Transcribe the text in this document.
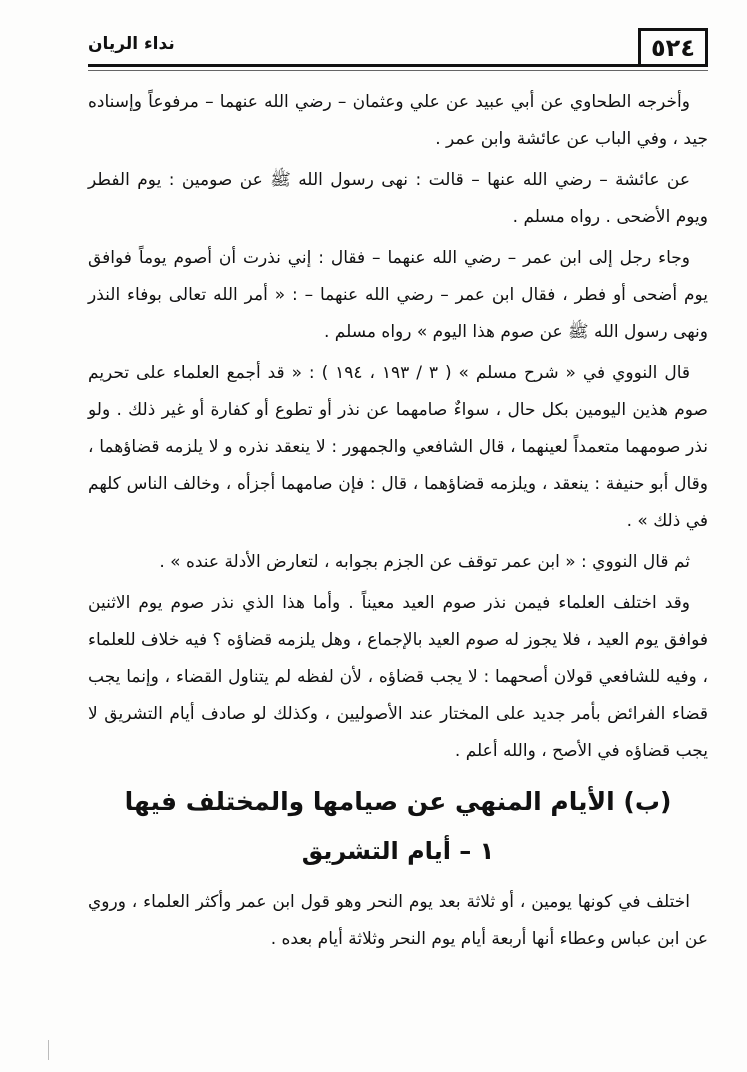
٥٢٤
نداء الريان

وأخرجه الطحاوي عن أبي عبيد عن علي وعثمان – رضي الله عنهما – مرفوعاً وإسناده جيد ، وفي الباب عن عائشة وابن عمر .

عن عائشة – رضي الله عنها – قالت : نهى رسول الله ﷺ عن صومين : يوم الفطر ويوم الأضحى . رواه مسلم .

وجاء رجل إلى ابن عمر – رضي الله عنهما – فقال : إني نذرت أن أصوم يوماً فوافق يوم أضحى أو فطر ، فقال ابن عمر – رضي الله عنهما – : « أمر الله تعالى بوفاء النذر ونهى رسول الله ﷺ عن صوم هذا اليوم » رواه مسلم .

قال النووي في « شرح مسلم » ( ٣ / ١٩٣ ، ١٩٤ ) : « قد أجمع العلماء على تحريم صوم هذين اليومين بكل حال ، سواءٌ صامهما عن نذر أو تطوع أو كفارة أو غير ذلك . ولو نذر صومهما متعمداً لعينهما ، قال الشافعي والجمهور : لا ينعقد نذره و لا يلزمه قضاؤهما ، وقال أبو حنيفة : ينعقد ، ويلزمه قضاؤهما ، قال : فإن صامهما أجزأه ، وخالف الناس كلهم في ذلك » .

ثم قال النووي : « ابن عمر توقف عن الجزم بجوابه ، لتعارض الأدلة عنده » .

وقد اختلف العلماء فيمن نذر صوم العيد معيناً . وأما هذا الذي نذر صوم يوم الاثنين فوافق يوم العيد ، فلا يجوز له صوم العيد بالإجماع ، وهل يلزمه قضاؤه ؟ فيه خلاف للعلماء ، وفيه للشافعي قولان أصحهما : لا يجب قضاؤه ، لأن لفظه لم يتناول القضاء ، وإنما يجب قضاء الفرائض بأمر جديد على المختار عند الأصوليين ، وكذلك لو صادف أيام التشريق لا يجب قضاؤه في الأصح ، والله أعلم .

(ب) الأيام المنهي عن صيامها والمختلف فيها
١ – أيام التشريق

اختلف في كونها يومين ، أو ثلاثة بعد يوم النحر وهو قول ابن عمر وأكثر العلماء ، وروي عن ابن عباس وعطاء أنها أربعة أيام يوم النحر وثلاثة أيام بعده .
